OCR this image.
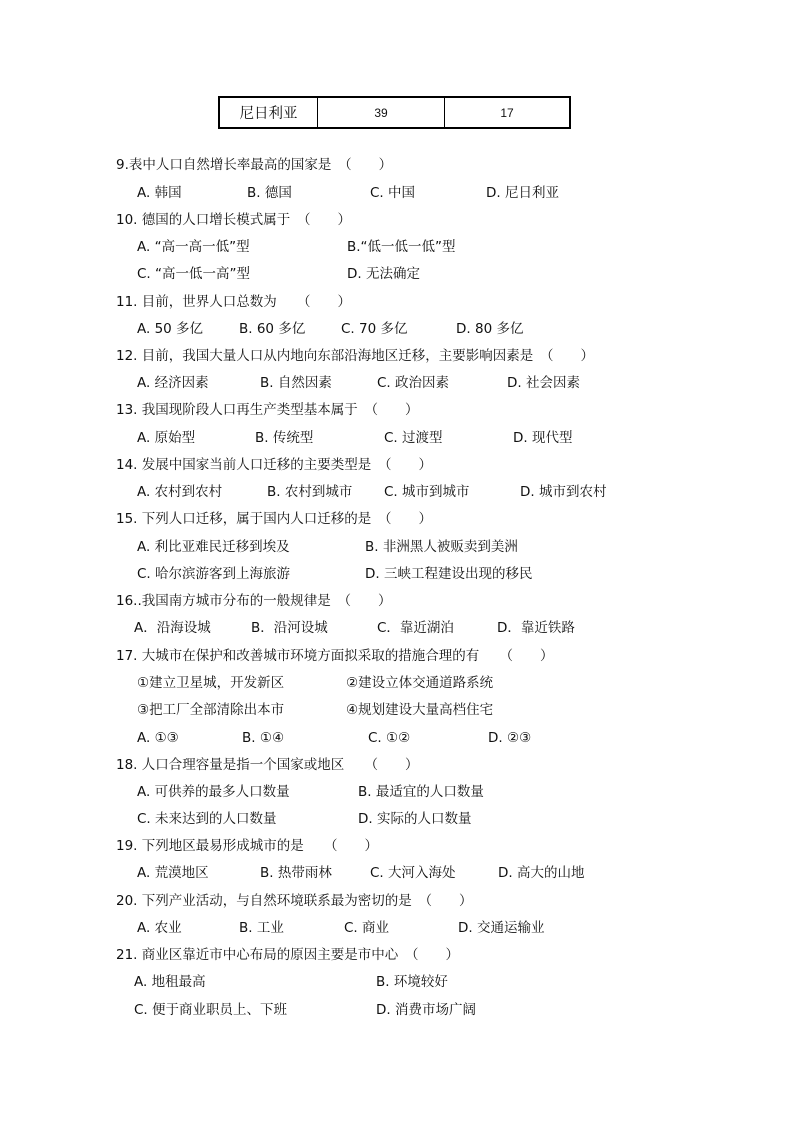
尼日利亚	39	17
9.表中人口自然增长率最高的国家是　（　　）
A. 韩国	B. 德国	C. 中国	D. 尼日利亚
10. 德国的人口增长模式属于　（　　）
A. “高一高一低”型	B.“低一低一低”型
C. “高一低一高”型	D. 无法确定
11. 目前，世界人口总数为　　（　　）
A. 50 多亿	B. 60 多亿	C. 70 多亿	D. 80 多亿
12. 目前，我国大量人口从内地向东部沿海地区迁移，主要影响因素是　（　　）
A. 经济因素	B. 自然因素	C. 政治因素	D. 社会因素
13. 我国现阶段人口再生产类型基本属于　（　　）
A. 原始型	B. 传统型	C. 过渡型	D. 现代型
14. 发展中国家当前人口迁移的主要类型是　（　　）
A. 农村到农村	B. 农村到城市 C. 城市到城市	D. 城市到农村
15. 下列人口迁移，属于国内人口迁移的是　（　　）
A. 利比亚难民迁移到埃及	B. 非洲黑人被贩卖到美洲
C. 哈尔滨游客到上海旅游	D. 三峡工程建设出现的移民
16..我国南方城市分布的一般规律是　（　　）
A．沿海设城	B．沿河设城	C．靠近湖泊	D．靠近铁路
17. 大城市在保护和改善城市环境方面拟采取的措施合理的有　　（　　）
①建立卫星城，开发新区	②建设立体交通道路系统
③把工厂全部清除出本市	④规划建设大量高档住宅
A. ①③	B. ①④	C. ①②	D. ②③
18. 人口合理容量是指一个国家或地区　　（　　）
A. 可供养的最多人口数量	B. 最适宜的人口数量
C. 未来达到的人口数量	D. 实际的人口数量
19. 下列地区最易形成城市的是　　（　　）
A. 荒漠地区	B. 热带雨林	C. 大河入海处	D. 高大的山地
20. 下列产业活动，与自然环境联系最为密切的是　（　　）
A. 农业	B. 工业	C. 商业	D. 交通运输业
21. 商业区靠近市中心布局的原因主要是市中心　（　　）
A. 地租最高	B. 环境较好
C. 便于商业职员上、下班	D. 消费市场广阔
